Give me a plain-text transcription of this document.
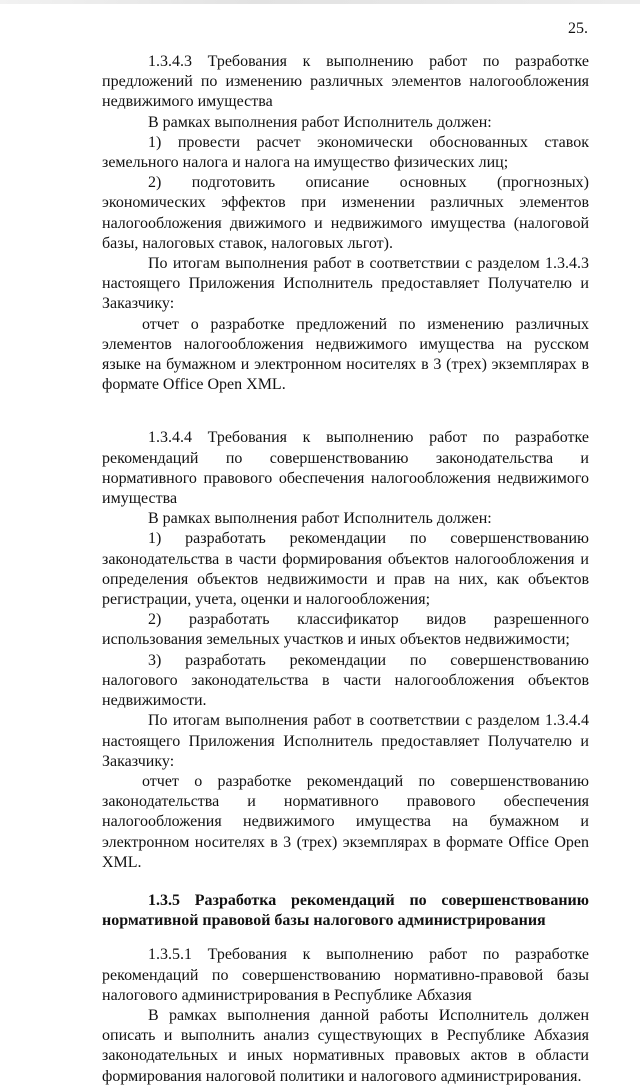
25.

1.3.4.3 Требования к выполнению работ по разработке предложений по изменению различных элементов налогообложения недвижимого имущества

В рамках выполнения работ Исполнитель должен:

1) провести расчет экономически обоснованных ставок земельного налога и налога на имущество физических лиц;

2) подготовить описание основных (прогнозных) экономических эффектов при изменении различных элементов налогообложения движимого и недвижимого имущества (налоговой базы, налоговых ставок, налоговых льгот).

По итогам выполнения работ в соответствии с разделом 1.3.4.3 настоящего Приложения Исполнитель предоставляет Получателю и Заказчику:

отчет о разработке предложений по изменению различных элементов налогообложения недвижимого имущества на русском языке на бумажном и электронном носителях в 3 (трех) экземплярах в формате Office Open XML.

1.3.4.4 Требования к выполнению работ по разработке рекомендаций по совершенствованию законодательства и нормативного правового обеспечения налогообложения недвижимого имущества

В рамках выполнения работ Исполнитель должен:

1) разработать рекомендации по совершенствованию законодательства в части формирования объектов налогообложения и определения объектов недвижимости и прав на них, как объектов регистрации, учета, оценки и налогообложения;

2) разработать классификатор видов разрешенного использования земельных участков и иных объектов недвижимости;

3) разработать рекомендации по совершенствованию налогового законодательства в части налогообложения объектов недвижимости.

По итогам выполнения работ в соответствии с разделом 1.3.4.4 настоящего Приложения Исполнитель предоставляет Получателю и Заказчику:

отчет о разработке рекомендаций по совершенствованию законодательства и нормативного правового обеспечения налогообложения недвижимого имущества на бумажном и электронном носителях в 3 (трех) экземплярах в формате Office Open XML.

1.3.5 Разработка рекомендаций по совершенствованию нормативной правовой базы налогового администрирования

1.3.5.1 Требования к выполнению работ по разработке рекомендаций по совершенствованию нормативно-правовой базы налогового администрирования в Республике Абхазия

В рамках выполнения данной работы Исполнитель должен описать и выполнить анализ существующих в Республике Абхазия законодательных и иных нормативных правовых актов в области формирования налоговой политики и налогового администрирования.
